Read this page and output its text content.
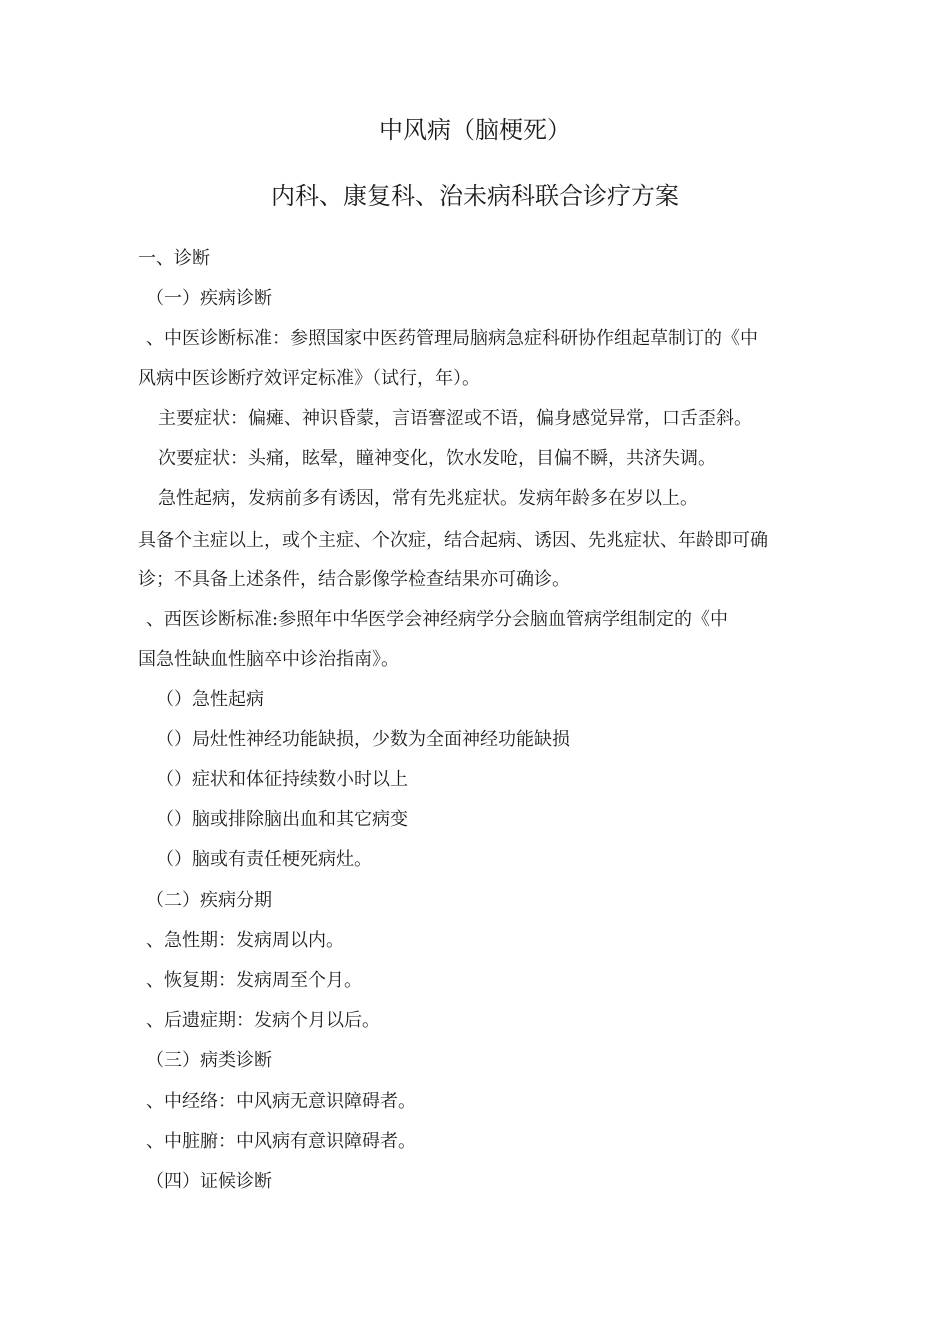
中风病（脑梗死）
内科、康复科、治未病科联合诊疗方案
一、诊断
（一）疾病诊断
、中医诊断标准：参照国家中医药管理局脑病急症科研协作组起草制订的《中
风病中医诊断疗效评定标准》（试行，年）。
主要症状：偏瘫、神识昏蒙，言语謇涩或不语，偏身感觉异常，口舌歪斜。
次要症状：头痛，眩晕，瞳神变化，饮水发呛，目偏不瞬，共济失调。
急性起病，发病前多有诱因，常有先兆症状。发病年龄多在岁以上。
具备个主症以上，或个主症、个次症，结合起病、诱因、先兆症状、年龄即可确
诊；不具备上述条件，结合影像学检查结果亦可确诊。
、西医诊断标准:参照年中华医学会神经病学分会脑血管病学组制定的《中
国急性缺血性脑卒中诊治指南》。
（）急性起病
（）局灶性神经功能缺损，少数为全面神经功能缺损
（）症状和体征持续数小时以上
（）脑或排除脑出血和其它病变
（）脑或有责任梗死病灶。
（二）疾病分期
、急性期：发病周以内。
、恢复期：发病周至个月。
、后遗症期：发病个月以后。
（三）病类诊断
、中经络：中风病无意识障碍者。
、中脏腑：中风病有意识障碍者。
（四）证候诊断
